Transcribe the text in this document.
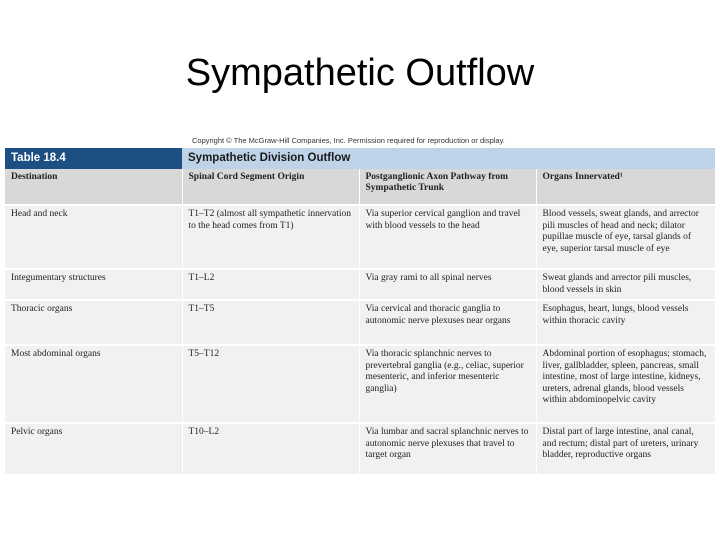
Sympathetic Outflow
Copyright © The McGraw-Hill Companies, Inc. Permission required for reproduction or display.
Table 18.4	Sympathetic Division Outflow		
Destination	Spinal Cord Segment Origin	Postganglionic Axon Pathway from Sympathetic Trunk	Organs Innervated¹
Head and neck	T1–T2 (almost all sympathetic innervation to the head comes from T1)	Via superior cervical ganglion and travel with blood vessels to the head	Blood vessels, sweat glands, and arrector pili muscles of head and neck; dilator pupillae muscle of eye, tarsal glands of eye, superior tarsal muscle of eye
Integumentary structures	T1–L2	Via gray rami to all spinal nerves	Sweat glands and arrector pili muscles, blood vessels in skin
Thoracic organs	T1–T5	Via cervical and thoracic ganglia to autonomic nerve plexuses near organs	Esophagus, heart, lungs, blood vessels within thoracic cavity
Most abdominal organs	T5–T12	Via thoracic splanchnic nerves to prevertebral ganglia (e.g., celiac, superior mesenteric, and inferior mesenteric ganglia)	Abdominal portion of esophagus; stomach, liver, gallbladder, spleen, pancreas, small intestine, most of large intestine, kidneys, ureters, adrenal glands, blood vessels within abdominopelvic cavity
Pelvic organs	T10–L2	Via lumbar and sacral splanchnic nerves to autonomic nerve plexuses that travel to target organ	Distal part of large intestine, anal canal, and rectum; distal part of ureters, urinary bladder, reproductive organs
